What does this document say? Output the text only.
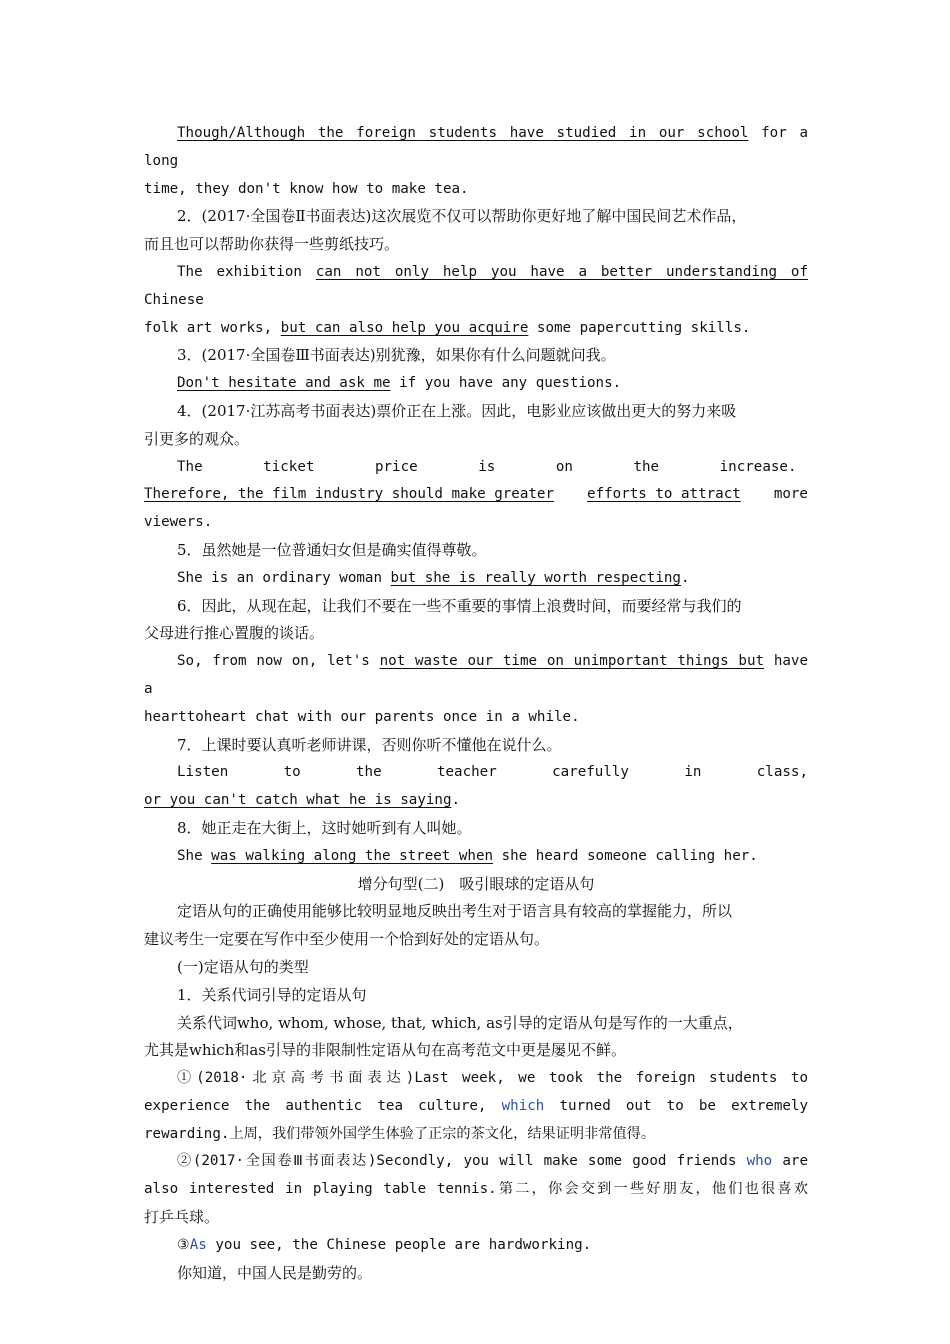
Though/Although the foreign students have studied in our school for a long

time, they don't know how to make tea.

2．(2017·全国卷Ⅱ书面表达)这次展览不仅可以帮助你更好地了解中国民间艺术作品，

而且也可以帮助你获得一些剪纸技巧。

The exhibition can not only help you have a better understanding of Chinese

folk art works, but can also help you acquire some papercutting skills.

3．(2017·全国卷Ⅲ书面表达)别犹豫，如果你有什么问题就问我。

Don't hesitate and ask me if you have any questions.

4．(2017·江苏高考书面表达)票价正在上涨。因此，电影业应该做出更大的努力来吸

引更多的观众。

The ticket price is on the increase.

Therefore, the film industry should make greater efforts to attract more

viewers.

5．虽然她是一位普通妇女但是确实值得尊敬。

She is an ordinary woman but she is really worth respecting.

6．因此，从现在起，让我们不要在一些不重要的事情上浪费时间，而要经常与我们的

父母进行推心置腹的谈话。

So, from now on, let's not waste our time on unimportant things but have a

hearttoheart chat with our parents once in a while.

7．上课时要认真听老师讲课，否则你听不懂他在说什么。

Listen to the teacher carefully in class,

or you can't catch what he is saying.

8．她正走在大街上，这时她听到有人叫她。

She was walking along the street when she heard someone calling her.

增分句型(二)　吸引眼球的定语从句

定语从句的正确使用能够比较明显地反映出考生对于语言具有较高的掌握能力，所以

建议考生一定要在写作中至少使用一个恰到好处的定语从句。

(一)定语从句的类型

1．关系代词引导的定语从句

关系代词who, whom, whose, that, which, as引导的定语从句是写作的一大重点，

尤其是which和as引导的非限制性定语从句在高考范文中更是屡见不鲜。

①(2018·北京高考书面表达)Last week, we took the foreign students to

experience the authentic tea culture, which turned out to be extremely

rewarding.上周，我们带领外国学生体验了正宗的茶文化，结果证明非常值得。

②(2017·全国卷Ⅲ书面表达)Secondly, you will make some good friends who are

also interested in playing table tennis.第二，你会交到一些好朋友，他们也很喜欢

打乒乓球。

③As you see, the Chinese people are hardworking.

你知道，中国人民是勤劳的。
